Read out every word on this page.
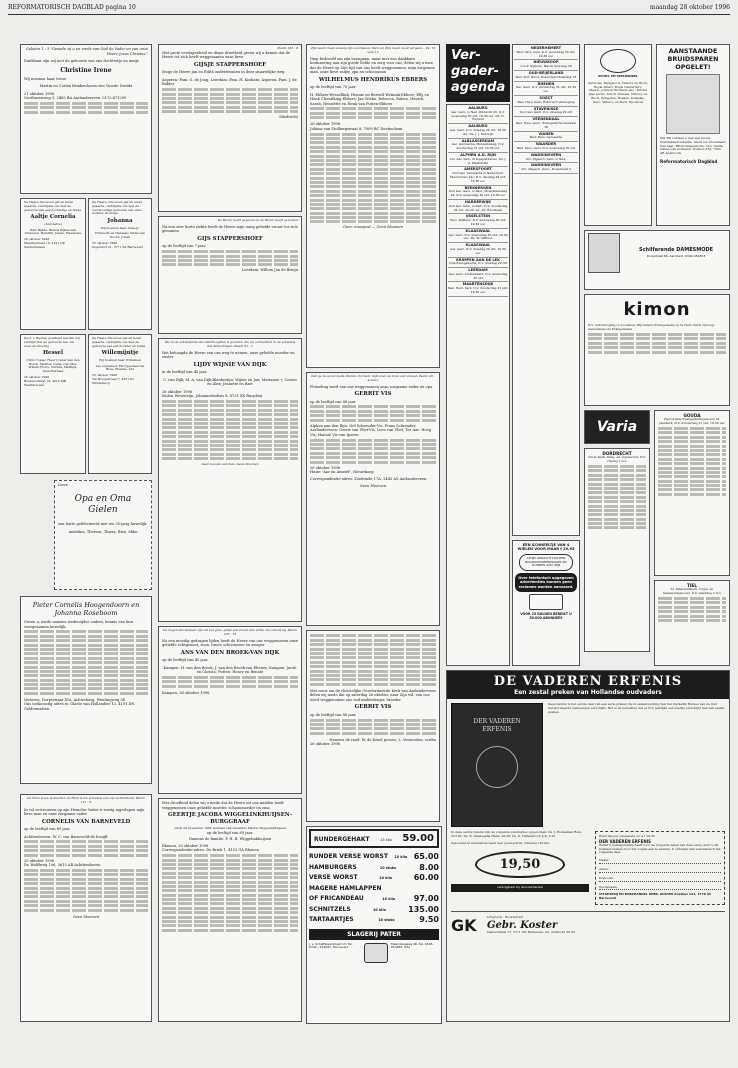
REFORMATORISCH DAGBLAD pagina 10	maandag 28 oktober 1996
Galaten 1 : 3 "Genade zij u en vrede van God de Vader en van onze Heere Jezus Christus."
Dankbaar zijn wij met de geboorte van ons dochtertje en muije
Christine Irene
Wij noemen haar Irene.
Martin en Corien Brinkenhoven-ten Voorde Davida
21 oktober 1996
Oosthavenweg 3, 2485 BA Aarlanderveen, 0172-471299
De Heere Die leven gaf en leven spaarde, verblijdde ons met de geboorte van een dochtertje en muije
Aaltje Cornelia
(Antonette)
Wim Bijkse, Bianca Bijkse-van Omneren, Hendrik, Julian, Elsemieke
26 oktober 1996
Mauritsstraat 19, 4191 DK Geldermalsen
De Heere, Die leven gaf en leven spaarde, verblijdde ons met de voorspoedige geboorte van onze dochter en muije
Johanna
Wij noemen haar Anne-Jo
Hubrecht en Hanneke Smits-van Doorn, Johan
25 oktober 1996
Ingendorf 21, 3771 XA Barneveld
Door 's Heeren goedheid werden wij verblijd met de geboorte van ons zoon en broertje
Hessel
Chris Copier, Fleur Copier-van den Bosch, Marlies, Nelia, Caroline, Willem-Floris, Christa, Matthijs, Teun-Herman
26 oktober 1996
Brederostraat 14, 4614 MB Waddinxveen
De Heere Die leven gaf en leven spaarde, verblijdde ons met de geboorte van een dochter en muije
Willemijntje
Wij noemen haar Willemien
Leo Oppeneer, Els Oppeneer-de Bree, Elianne, Ard
25 oktober 1996
Ter Hoogestraat 7, 4331 KL Middelburg
Lieve
Opa en Oma Gielen
van harte gefeliciteerd met uw 35-jarig huwelijk.
Andelina, Theresa, Thirza, Rien, Mike
Pieter Cornelis Hoogendoorn en Johanna Roseboom
Geven u, mede namens wederzijdse ouders, kennis van hun voorgenomen huwelijk.
Meteren, Dorpsstraat 41a; Achterberg, Wentingweg 34
Ons toekomstig adres is: Glaete van Hollandstr 12, 4191 DN Geldermalsen
De Here is uw houwelter, de Here is uw schaduw aan uw rechterhand. Psalm 121 : 5
In vol vertrouwen op zijn Hemelse Vader is rustig ingeslapen mijn lieve man en onze zorgzame vader
CORNELIS VAN BARNEVELD
op de leeftijd van 69 jaar.
Achttienhoven: W. C. van Barneveld-de Kruijff
25 oktober 1996
Dr. Wolffweg 106, 3615 AB Achttienhoven
Geen bloemen
Psalm 103 : 8
Met grote verslagenheid en diepe droefheid geven wij u kennis dat de Heere tot zich heeft weggenomen onze lieve
GIJSJE STAPPERSHOEF
Moge de Heere Jan en Edith ondersteunen in deze smartelijke weg.
Asperen: Fam. G. de Jong; Leerdam: Fam. H. Koskam; Asperen: Fam. J. de Ridder
Sliedrecht
De Heere heeft gegeven en de Heere heeft genomen
Na een zeer korte ziekte heeft de Heere mijn innig geliefde vrouw tot zich genomen
GIJS STAPPERSHOEF
op de leeftijd van 7 jaar.
Leerdam: Willem Jan de Bruijn
Die in de schuilplaats des Allerhoogsten is gezeten, die zal vernachten in de schaduw des Almachtigen. Psalm 91 : 1
Het behaagde de Heere van ons weg te nemen, onze geliefde moeder en zuster
LIJDY WIJNIE VAN DIJK
in de leeftijd van 45 jaar.
C. van Dijk; M. A. van Dijk-Blankestijn; Wijnie en Jan; Marianne †; Corien en Alex; Jeanette en Bart
26 oktober 1996
Molen Weststeijn, Johanneshofsas 8, 4721 XX Rucphen
Geen bezoek aan huis. Geen bloemen
De dagen des mensen zijn als het gras, gelijk een bloem des velds, alzo bloeit hij. Psalm 103 : 15
Na een moedig gedragen lijden heeft de Heere van ons weggenomen onze geliefde echtgenoot, zoon, broer, schoonzoon en zwager
ANS VAN DEN BROEK-VAN DIJK
op de leeftijd van 45 jaar.
Kampen: H. van den Broek; J. van den Broek-van Eberen; Kampen: Jacob en Christa; Putten: Henry en Renate
Kampen, 26 oktober 1996
Met droefheid delen wij u mede dat de Heere uit ons midden heeft weggenomen onze geliefde moeder, schoonmoeder en oma
GEERTJE JACOBA WIGGELINKHUIJSEN-BURGGRAAF
sinds 29 november 1985 weduwe van Gerardus Marius Wiggelinkhuijsen
op de leeftijd van 69 jaar.
Namens de familie: P. H. B. Wiggelinkhuijsen
Rhenen, 25 oktober 1996
Correspondentie-adres: De Brink 1, 4102 GA Rhenen
Zijn naam moet eeuwig zijn voortstaan; Men zal Zijn naam nooit vergaan... Ps. 72 vers 12
Diep bedroefd om zijn heengaan, maar met een dankbare herinnering aan zijn goede liefde en zorg voor ons, delen wij u mee, dat de Heere op Zijn tijd van ons heeft weggenomen, mijn zorgzame man, onze lieve vader, opa en schoonzoon
WILHELMUS HENDRIKUS EBBERS
op de leeftijd van 70 jaar.
H. Ebbers-Wessellink; Hennie en Bertwil Weinink-Ebbers; Elly en Henk Chevalking-Ebbers; Jan Wieke, Rebecca, Ruben, Henrik, Sarah; Henriëtte en Henk van Putten-Ebbers
26 oktober 1996
Juliana van Stolbergstraat 8, 7009 BC Doetinchem
Geen rouwpost — Geen bloemen
Dan ga ik op tot Gods altaren, Tot God, mijn God, de bron van vreugd. Psalm 43 : 4 (ber.)
Plotseling werd van ons weggenomen onze zorgzame vader en opa
GERRIT VIS
op de leeftijd van 88 jaar
Alphen aan den Rijn: Nel Schreuder-Vis, Frans Schreuder; Aarlanderveen: Gerrie van Vliet-Vis, Leen van Vliet; Ter Aar: Hoeg Vis; Hannie Vis-van Iperen
26 oktober 1996
Huize "Aar en Amstel", Nieuwkoop
Correspondentie-adres: Zuideinde 17A, 2445 AS Aarlanderveen
Geen bloemen
Met rouw om de christelijke Gereformeerde Kerk van Aarlanderveen delen wij mede dat op zaterdag 26 oktober, naar Zijn wil, van ons werd weggenomen ons oud-ambtsdrager, broeder
GERRIT VIS
op de leeftijd van 88 jaar.
Namens de raad: W. de Kruif, preses; L. Vermeulen, scriba
26 oktober 1996
RUNDERGEHAKT	15 kilo 59.00
RUNDER VERSE WORST 10 kilo 65.00
HAMBURGERS	10 stuks	8.00
VERSE WORST	10 kilo	60.00
MAGERE HAMLAPPEN
OF FRICANDEAU	10 kilo 97.00
SCHNITZELS	10 kilo	135.00
TARTAARTJES	10 stuks	9.50
SLAGERIJ PATER
J. v. Schaffelaarstraat 13, Tel. 0342 - 412067, Barneveld
Maandereweg 46, Tel. 0318-653861, Ede
Ver-
gader-
agenda
AALBURG
Ger. Gem. in Ned. Polderstr 20, D.V. woensdag 30 okt, 19.30 uur, Ds. D. Hoolant
AALBURG
Ger. Gem. D.V. dinsdag 29 okt, 19.30 uur, Ds. J. J. Roborgh
ALBLASSERDAM
Ger. Gemeente, Merwedeweg, D.V. donderdag 31 okt, 19.30 uur
ALPHEN A.D. RIJN
Chr. Ger. Kerk, Oranjeplantsoen, Ds. J. A. Weststrate
AMERSFOORT
Oud Ger. Gemeente in Nederland, Muurhuizen 12c, D.V. dinsdag 29 okt, 19.30 uur
BEEKBERGEN
Oud Ger. Gem. in Ned., Molenbaanweg 29, D.V. woensdag 30 okt, 19.30 uur
HARDERWIJK
Oud Ger. Gem. in Ned., D.V. donderdag 31 okt, 19.30 uur, Ds. Roodbeek
IJSSELSTEIN
Herv. Piëtkerk, D.V. woensdag 30 okt, 19.30 uur
KLAASWAAL
Ger. Gem. D.V. woensdag 30 okt, 19.30 uur, Ds. W. Silfhout
KLAASWAAL
Ger. Gem. D.V. dinsdag 29 okt, 19.30 uur
KRIMPEN AAN DE LEK
Vrije Evangelische, D.V. dinsdag 29 okt
LEERDAM
Ger. Gem. Adullamkerk, D.V. woensdag 30 okt
MAARTENSDIJK
Ned. Herv. Kerk, D.V. donderdag 31 okt, 19.30 uur
NEDERHEMERT
Ned. Herv. Kerk, D.V. woensdag 30 okt, 19.30 uur
NIEUWKOOP
C.G.P. Gijsbolk, Nieuw Voorweg 28
OUD-BEIJERLAND
Ned. Prot. Bond, Rosendaal Molendijk 33
RHENEN
Ger. Gem. D.V. donderdag 31 okt, 19.30 uur
SOEST
Ned. Herv. Kerk, Historisch Vereniging
STAVENISSE
Oud Ger. Gem. D.V. dinsdag 29 okt
VEENENDAAL
Ned. Herv. Gem., Evangelische Kerkzaal 18
VIANEN
Ned. Herv. Gemeente
WAARDER
Ned. Herv. Gem. D.V. woensdag 30 okt
WADDINXVEEN
Chr. Afgesch. Gem. in Ned.
WADDINXVEEN
Chr. Afgesch. Gem., Dorpstraat 3
EEN SCHNEELTJE VAN 4 WIELEN VOOR MAAR f 29,95
ALTIJD GEDACHT DAT EEN BOODSCHAPPENWAGEN ZO SCHNEEL ZOU ZIJN
Over telefonisch opgegeven advertenties kunnen geen reclames worden aanvaard.
VOOR 25 GULDEN BEREIKT U 50.000 ABONNEES
SPORT- EN SPELWINKEL
Servicee, Wedgwood, Villeroy en Boch, Royal Albert, Royal Canterbury, Mason, Johnson Brothers enz., Kristal glas servis, Schott Zwiesel, Villeroy en Boch, Spiegelau, Boeken, Kelkglas, Gero, Villeroy en Boch, Eposkoat
AANSTAANDE BRUIDSPAREN OPGELET!
Het RD verraad u met een mooie huwelijksadvertentie. Stuur uw trouwkaart met naar: RD-bruidsparactie, t.a.v. Aletta Ukkes-van Achteren. Postbus 670, 7300 AR Apeldoorn.
Reformatorisch Dagblad
Schilferende DAMESMODE
Dorpstraat 80, Aarnhem, 0342-450353
kimon
D.V. (uitverkoping) 2 november, Bijzondere Evangelisatie in de Herv. Kerk; Oproep; Generalsynode Evangelisatie
Varia
DORDRECHT
Grote Kerk, Zang- en orgelavond, D.V. vrijdag 1 nov
GOUDA
Hervormde Evangelisatiegebouw St. Janskerk, D.V. donderdag 31 okt, 19.30 uur
TIEL
St. Maartenskerk, Orgel- en Samenzangavond, D.V. zaterdag 2 nov
DE VADEREN ERFENIS
Een zestal preken van Hollandse oudvaders
DER VADEREN ERFENIS
Deze bundel is het eerste deel van een serie preken die in samenwerking met het Kerkelijk Bureau van de Oud Gereformeerde Gemeenten verschijnt. Het is de bedoeling dat er D.V. jaarlijks een deeltje verschijnt met een zestal preken.
In deze eerste bundel zijn de volgende predicaties opgenomen: Ds. J. Boukeman Rom. 23:10b; Ds. B. Smalegank Hand. 20:28; Ds. K. Hellenbrock Joh. 3:16
Gebonden in kunstleren band met goudopdruk. Omvang 120 blz.
19,50
verkrijgbaar bij de boekhandel
Zend mij per omgaande ex. a f 19,50
DER VADEREN ERFENIS
Wenst u belangstelling heeft voor de volgende delen van deze serie, kunt u dit kenbaar maken door het volgen aan te zenden. U ontvangt dan automatisch het volgende deel.
Naam:
Adres:
Postcode:
Woonplaats:
UITGEVERIJ EN BOEKHANDEL GEBR. KOSTER Postbus 124, 3770 AC Barneveld
GK	Uitgeverij - Boekhandel
Gebr. Koster
Nairacstraat 17, 3771 AW Barneveld, tel. (0342) 41 65 85
